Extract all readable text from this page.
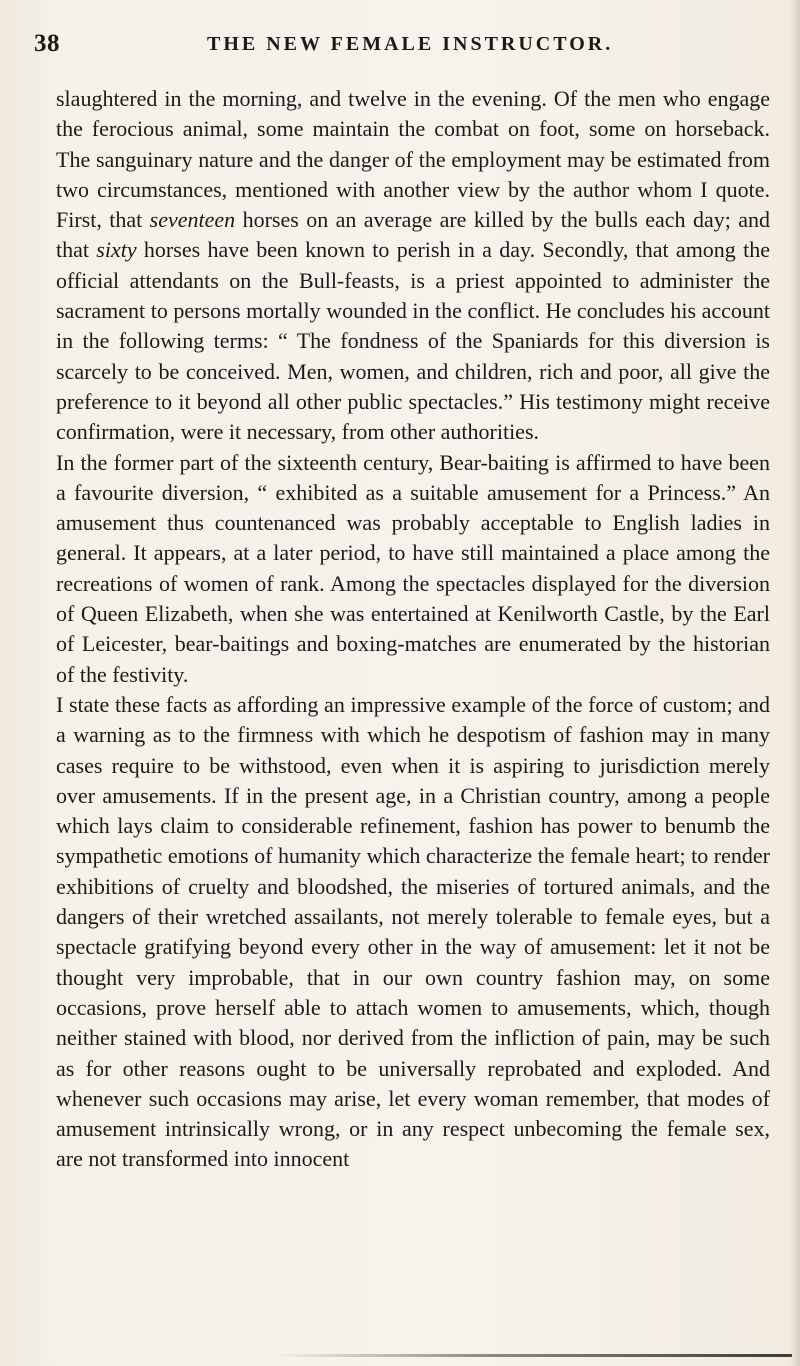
38	THE NEW FEMALE INSTRUCTOR.

slaughtered in the morning, and twelve in the evening. Of the men who engage the ferocious animal, some maintain the combat on foot, some on horseback. The sanguinary nature and the danger of the employment may be estimated from two circumstances, mentioned with another view by the author whom I quote. First, that seventeen horses on an average are killed by the bulls each day; and that sixty horses have been known to perish in a day. Secondly, that among the official attendants on the Bull-feasts, is a priest appointed to administer the sacrament to persons mortally wounded in the conflict. He concludes his account in the following terms: “ The fondness of the Spaniards for this diversion is scarcely to be conceived. Men, women, and children, rich and poor, all give the preference to it beyond all other public spectacles.” His testimony might receive confirmation, were it necessary, from other authorities.

In the former part of the sixteenth century, Bear-baiting is affirmed to have been a favourite diversion, “ exhibited as a suitable amusement for a Princess.” An amusement thus countenanced was probably acceptable to English ladies in general. It appears, at a later period, to have still maintained a place among the recreations of women of rank. Among the spectacles displayed for the diversion of Queen Elizabeth, when she was entertained at Kenilworth Castle, by the Earl of Leicester, bear-baitings and boxing-matches are enumerated by the historian of the festivity.

I state these facts as affording an impressive example of the force of custom; and a warning as to the firmness with which he despotism of fashion may in many cases require to be withstood, even when it is aspiring to jurisdiction merely over amusements. If in the present age, in a Christian country, among a people which lays claim to considerable refinement, fashion has power to benumb the sympathetic emotions of humanity which characterize the female heart; to render exhibitions of cruelty and bloodshed, the miseries of tortured animals, and the dangers of their wretched assailants, not merely tolerable to female eyes, but a spectacle gratifying beyond every other in the way of amusement: let it not be thought very improbable, that in our own country fashion may, on some occasions, prove herself able to attach women to amusements, which, though neither stained with blood, nor derived from the infliction of pain, may be such as for other reasons ought to be universally reprobated and exploded. And whenever such occasions may arise, let every woman remember, that modes of amusement intrinsically wrong, or in any respect unbecoming the female sex, are not transformed into innocent
